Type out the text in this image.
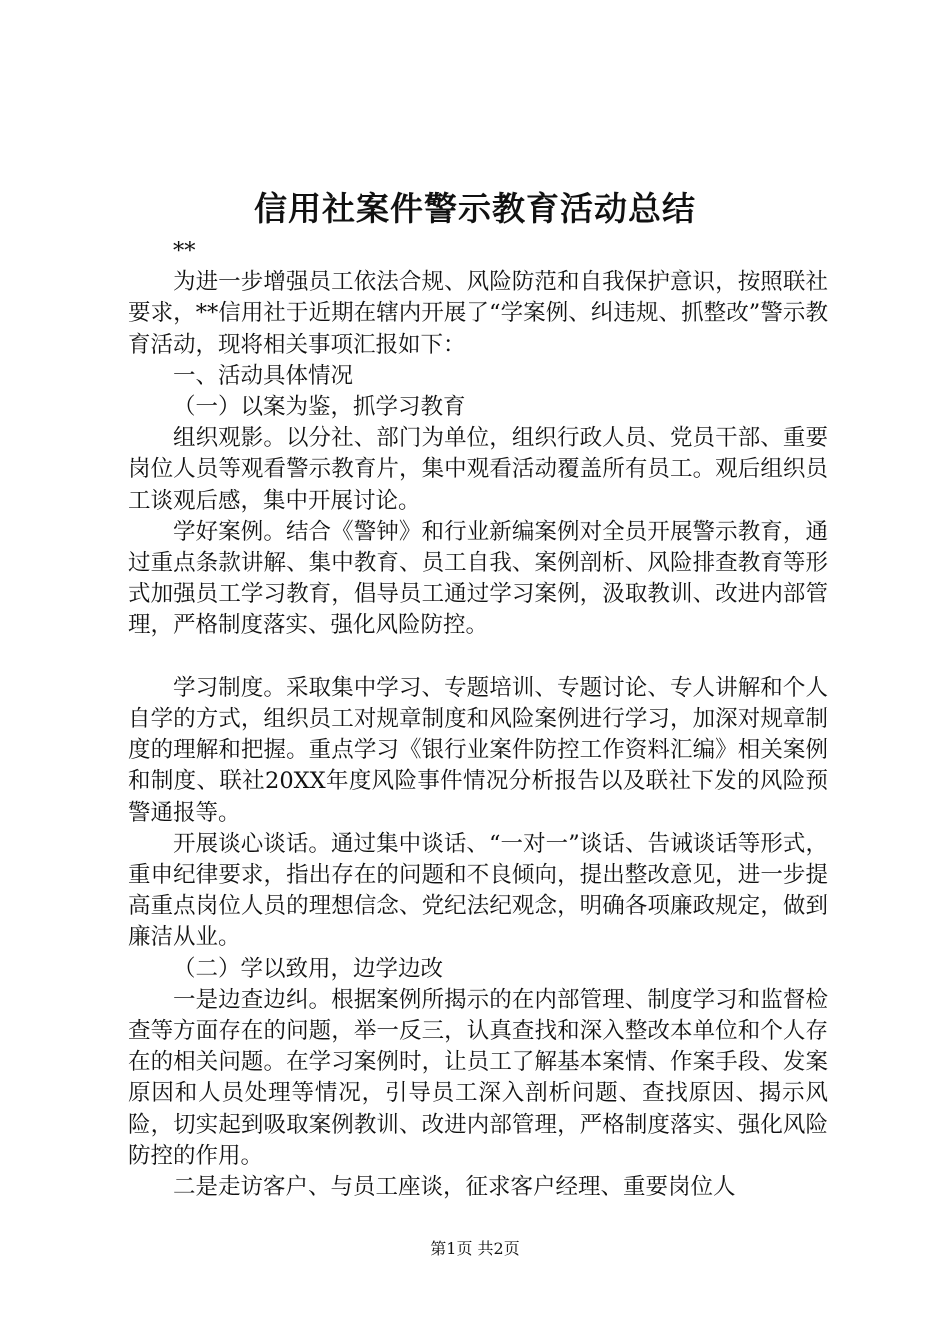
信用社案件警示教育活动总结

**

为进一步增强员工依法合规、风险防范和自我保护意识，按照联社要求，**信用社于近期在辖内开展了“学案例、纠违规、抓整改”警示教育活动，现将相关事项汇报如下：

一、活动具体情况

（一）以案为鉴，抓学习教育

组织观影。以分社、部门为单位，组织行政人员、党员干部、重要岗位人员等观看警示教育片，集中观看活动覆盖所有员工。观后组织员工谈观后感，集中开展讨论。

学好案例。结合《警钟》和行业新编案例对全员开展警示教育，通过重点条款讲解、集中教育、员工自我、案例剖析、风险排查教育等形式加强员工学习教育，倡导员工通过学习案例，汲取教训、改进内部管理，严格制度落实、强化风险防控。

学习制度。采取集中学习、专题培训、专题讨论、专人讲解和个人自学的方式，组织员工对规章制度和风险案例进行学习，加深对规章制度的理解和把握。重点学习《银行业案件防控工作资料汇编》相关案例和制度、联社20XX年度风险事件情况分析报告以及联社下发的风险预警通报等。

开展谈心谈话。通过集中谈话、“一对一”谈话、告诫谈话等形式，重申纪律要求，指出存在的问题和不良倾向，提出整改意见，进一步提高重点岗位人员的理想信念、党纪法纪观念，明确各项廉政规定，做到廉洁从业。

（二）学以致用，边学边改

一是边查边纠。根据案例所揭示的在内部管理、制度学习和监督检查等方面存在的问题，举一反三，认真查找和深入整改本单位和个人存在的相关问题。在学习案例时，让员工了解基本案情、作案手段、发案原因和人员处理等情况，引导员工深入剖析问题、查找原因、揭示风险，切实起到吸取案例教训、改进内部管理，严格制度落实、强化风险防控的作用。

二是走访客户、与员工座谈，征求客户经理、重要岗位人

第1页 共2页
